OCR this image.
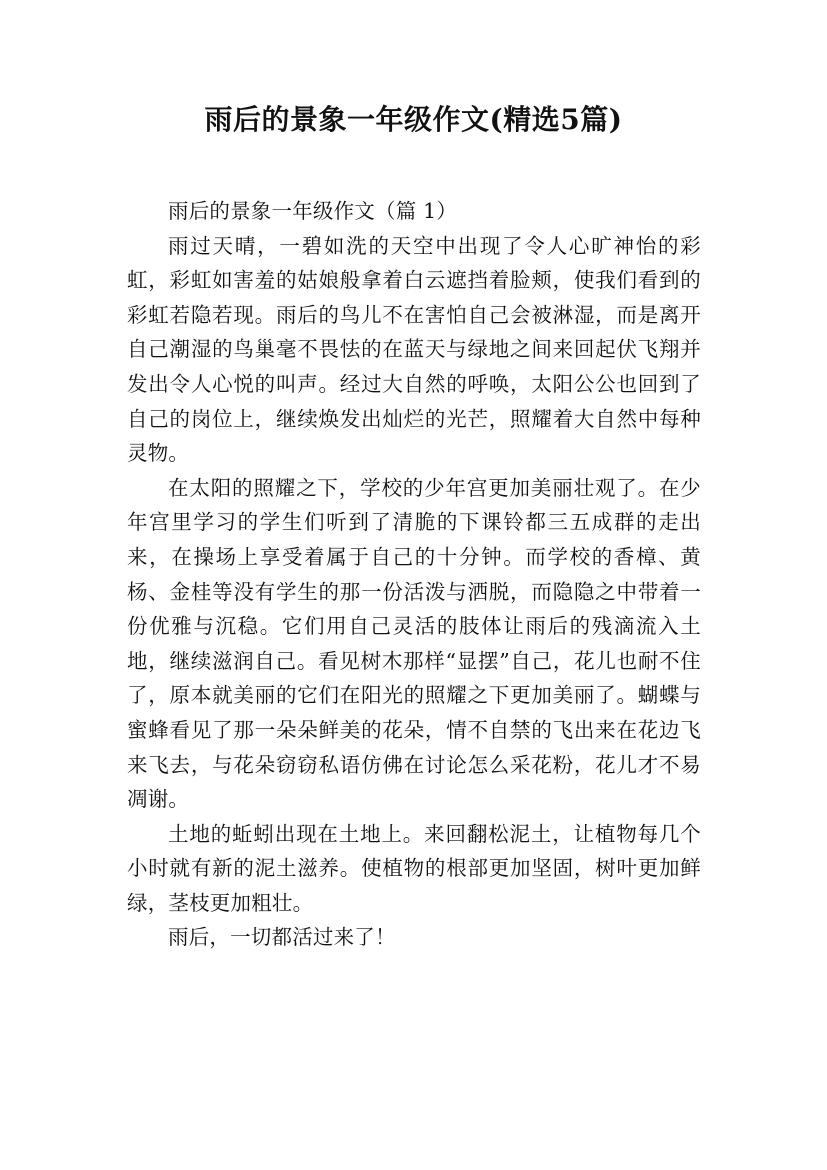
雨后的景象一年级作文(精选5篇)

雨后的景象一年级作文（篇 1）

雨过天晴，一碧如洗的天空中出现了令人心旷神怡的彩虹，彩虹如害羞的姑娘般拿着白云遮挡着脸颊，使我们看到的彩虹若隐若现。雨后的鸟儿不在害怕自己会被淋湿，而是离开自己潮湿的鸟巢毫不畏怯的在蓝天与绿地之间来回起伏飞翔并发出令人心悦的叫声。经过大自然的呼唤，太阳公公也回到了自己的岗位上，继续焕发出灿烂的光芒，照耀着大自然中每种灵物。

在太阳的照耀之下，学校的少年宫更加美丽壮观了。在少年宫里学习的学生们听到了清脆的下课铃都三五成群的走出来，在操场上享受着属于自己的十分钟。而学校的香樟、黄杨、金桂等没有学生的那一份活泼与洒脱，而隐隐之中带着一份优雅与沉稳。它们用自己灵活的肢体让雨后的残滴流入土地，继续滋润自己。看见树木那样“显摆”自己，花儿也耐不住了，原本就美丽的它们在阳光的照耀之下更加美丽了。蝴蝶与蜜蜂看见了那一朵朵鲜美的花朵，情不自禁的飞出来在花边飞来飞去，与花朵窃窃私语仿佛在讨论怎么采花粉，花儿才不易凋谢。

土地的蚯蚓出现在土地上。来回翻松泥土，让植物每几个小时就有新的泥土滋养。使植物的根部更加坚固，树叶更加鲜绿，茎枝更加粗壮。

雨后，一切都活过来了！
